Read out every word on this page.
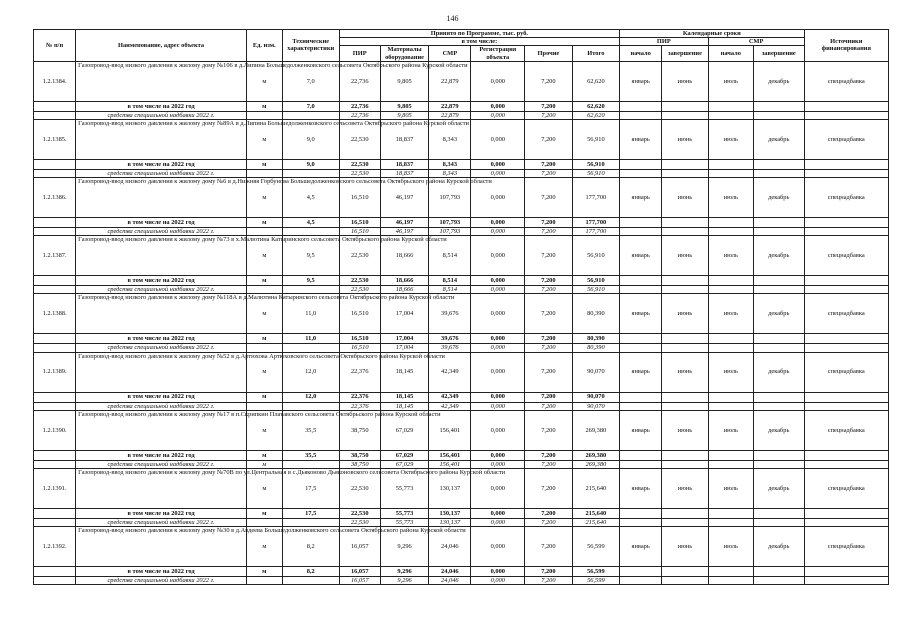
146
№ п/п	Наименование, адрес объекта	Ед. изм.	Технические характеристики	Принято по Программе, тыс. руб.						Календарные сроки				Источники финансирования
				в том числе:						ПИР		СМР		
				ПИР	Материалы оборудование	СМР	Регистрация объекта	Прочие	Итого	начало	завершение	начало	завершение	
1.2.1384.	Газопровод-ввод низкого давления к жилому дому №106 в д.Липина Большедолженковского сельсовета Октябрьского района Курской области	м	7,0	22,736	9,805	22,879	0,000	7,200	62,620	январь	июнь	июль	декабрь	спецнадбавка
	в том числе на 2022 год	м	7,0	22,736	9,805	22,879	0,000	7,200	62,620					
	средства специальной надбавки 2022 г.			22,736	9,805	22,879	0,000	7,200	62,620					
1.2.1385.	Газопровод-ввод низкого давления к жилому дому №89А в д.Липина Большедолженковского сельсовета Октябрьского района Курской области	м	9,0	22,530	18,837	8,343	0,000	7,200	56,910	январь	июнь	июль	декабрь	спецнадбавка
	в том числе на 2022 год	м	9,0	22,530	18,837	8,343	0,000	7,200	56,910					
	средства специальной надбавки 2022 г.			22,530	18,837	8,343	0,000	7,200	56,910					
1.2.1386.	Газопровод-ввод низкого давления к жилому дому №6 в д.Нижняя Горбунова Большедолженковского сельсовета Октябрьского района Курской области	м	4,5	16,510	46,197	107,793	0,000	7,200	177,700	январь	июнь	июль	декабрь	спецнадбавка
	в том числе на 2022 год	м	4,5	16,510	46,197	107,793	0,000	7,200	177,700					
	средства специальной надбавки 2022 г.			16,510	46,197	107,793	0,000	7,200	177,700					
1.2.1387.	Газопровод-ввод низкого давления к жилому дому №73 в х.Малютина Катыринского сельсовета Октябрьского района Курской области	м	9,5	22,530	18,666	8,514	0,000	7,200	56,910	январь	июнь	июль	декабрь	спецнадбавка
	в том числе на 2022 год	м	9,5	22,530	18,666	8,514	0,000	7,200	56,910					
	средства специальной надбавки 2022 г.			22,530	18,666	8,514	0,000	7,200	56,910					
1.2.1388.	Газопровод-ввод низкого давления к жилому дому №118А в д.Малютина Катыринского сельсовета Октябрьского района Курской области	м	11,0	16,510	17,004	39,676	0,000	7,200	80,390	январь	июнь	июль	декабрь	спецнадбавка
	в том числе на 2022 год	м	11,0	16,510	17,004	39,676	0,000	7,200	80,390					
	средства специальной надбавки 2022 г.			16,510	17,004	39,676	0,000	7,200	80,390					
1.2.1389.	Газопровод-ввод низкого давления к жилому дому №52 в д.Артюхова Артюховского сельсовета Октябрьского района Курской области	м	12,0	22,376	18,145	42,349	0,000	7,200	90,070	январь	июнь	июль	декабрь	спецнадбавка
	в том числе на 2022 год	м	12,0	22,376	18,145	42,349	0,000	7,200	90,070					
	средства специальной надбавки 2022 г.			22,376	18,145	42,349	0,000	7,200	90,070					
1.2.1390.	Газопровод-ввод низкого давления к жилому дому №17 в п.Скрипкин Платавского сельсовета Октябрьского района Курской области	м	35,5	38,750	67,029	156,401	0,000	7,200	269,380	январь	июнь	июль	декабрь	спецнадбавка
	в том числе на 2022 год	м	35,5	38,750	67,029	156,401	0,000	7,200	269,380					
	средства специальной надбавки 2022 г.	м		38,750	67,029	156,401	0,000	7,200	269,380					
1.2.1391.	Газопровод-ввод низкого давления к жилому дому №70В по ул.Центральная в с.Дьяконово Дьяконовского сельсовета Октябрьского района Курской области	м	17,5	22,530	55,773	130,137	0,000	7,200	215,640	январь	июнь	июль	декабрь	спецнадбавка
	в том числе на 2022 год	м	17,5	22,530	55,773	130,137	0,000	7,200	215,640					
	средства специальной надбавки 2022 г.			22,530	55,773	130,137	0,000	7,200	215,640					
1.2.1392.	Газопровод-ввод низкого давления к жилому дому №30 в д.Авдеева Большедолженковского сельсовета Октябрьского района Курской области	м	8,2	16,057	9,296	24,046	0,000	7,200	56,599	январь	июнь	июль	декабрь	спецнадбавка
	в том числе на 2022 год	м	8,2	16,057	9,296	24,046	0,000	7,200	56,599					
	средства специальной надбавки 2022 г.			16,057	9,296	24,046	0,000	7,200	56,599					
